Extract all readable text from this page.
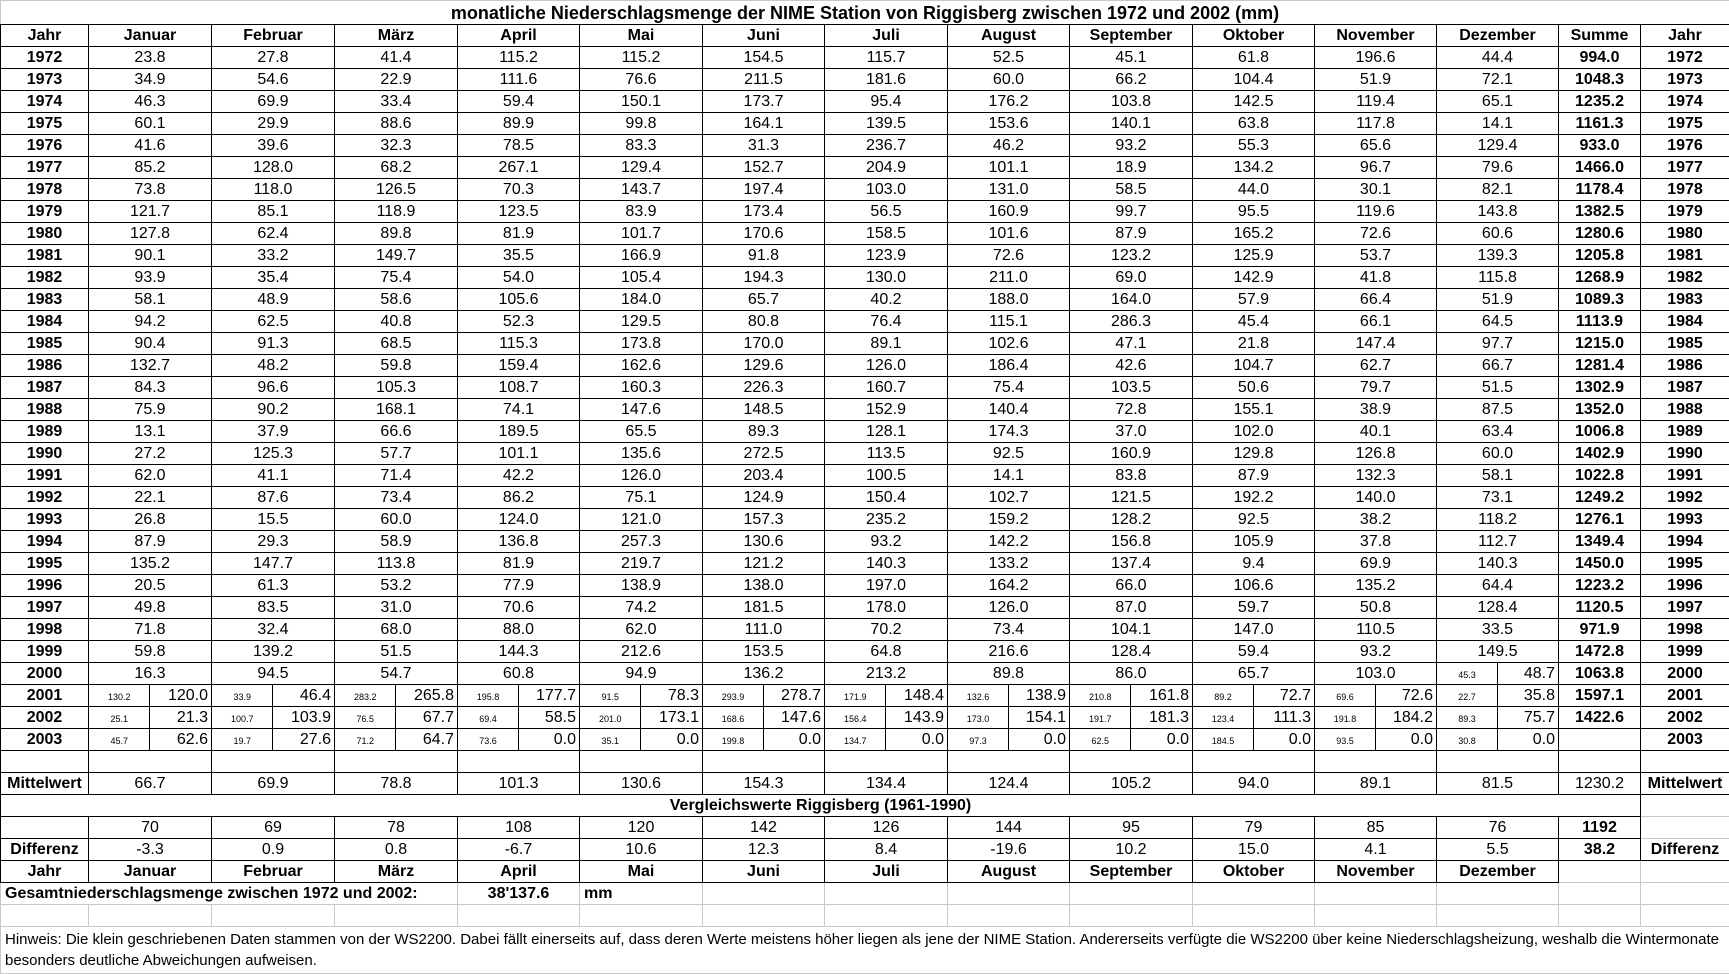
monatliche Niederschlagsmenge der NIME Station von Riggisberg zwischen 1972 und 2002 (mm)														
Jahr	Januar	Februar	März	April	Mai	Juni	Juli	August	September	Oktober	November	Dezember	Summe	Jahr
1972	23.8	27.8	41.4	115.2	115.2	154.5	115.7	52.5	45.1	61.8	196.6	44.4	994.0	1972
1973	34.9	54.6	22.9	111.6	76.6	211.5	181.6	60.0	66.2	104.4	51.9	72.1	1048.3	1973
1974	46.3	69.9	33.4	59.4	150.1	173.7	95.4	176.2	103.8	142.5	119.4	65.1	1235.2	1974
1975	60.1	29.9	88.6	89.9	99.8	164.1	139.5	153.6	140.1	63.8	117.8	14.1	1161.3	1975
1976	41.6	39.6	32.3	78.5	83.3	31.3	236.7	46.2	93.2	55.3	65.6	129.4	933.0	1976
1977	85.2	128.0	68.2	267.1	129.4	152.7	204.9	101.1	18.9	134.2	96.7	79.6	1466.0	1977
1978	73.8	118.0	126.5	70.3	143.7	197.4	103.0	131.0	58.5	44.0	30.1	82.1	1178.4	1978
1979	121.7	85.1	118.9	123.5	83.9	173.4	56.5	160.9	99.7	95.5	119.6	143.8	1382.5	1979
1980	127.8	62.4	89.8	81.9	101.7	170.6	158.5	101.6	87.9	165.2	72.6	60.6	1280.6	1980
1981	90.1	33.2	149.7	35.5	166.9	91.8	123.9	72.6	123.2	125.9	53.7	139.3	1205.8	1981
1982	93.9	35.4	75.4	54.0	105.4	194.3	130.0	211.0	69.0	142.9	41.8	115.8	1268.9	1982
1983	58.1	48.9	58.6	105.6	184.0	65.7	40.2	188.0	164.0	57.9	66.4	51.9	1089.3	1983
1984	94.2	62.5	40.8	52.3	129.5	80.8	76.4	115.1	286.3	45.4	66.1	64.5	1113.9	1984
1985	90.4	91.3	68.5	115.3	173.8	170.0	89.1	102.6	47.1	21.8	147.4	97.7	1215.0	1985
1986	132.7	48.2	59.8	159.4	162.6	129.6	126.0	186.4	42.6	104.7	62.7	66.7	1281.4	1986
1987	84.3	96.6	105.3	108.7	160.3	226.3	160.7	75.4	103.5	50.6	79.7	51.5	1302.9	1987
1988	75.9	90.2	168.1	74.1	147.6	148.5	152.9	140.4	72.8	155.1	38.9	87.5	1352.0	1988
1989	13.1	37.9	66.6	189.5	65.5	89.3	128.1	174.3	37.0	102.0	40.1	63.4	1006.8	1989
1990	27.2	125.3	57.7	101.1	135.6	272.5	113.5	92.5	160.9	129.8	126.8	60.0	1402.9	1990
1991	62.0	41.1	71.4	42.2	126.0	203.4	100.5	14.1	83.8	87.9	132.3	58.1	1022.8	1991
1992	22.1	87.6	73.4	86.2	75.1	124.9	150.4	102.7	121.5	192.2	140.0	73.1	1249.2	1992
1993	26.8	15.5	60.0	124.0	121.0	157.3	235.2	159.2	128.2	92.5	38.2	118.2	1276.1	1993
1994	87.9	29.3	58.9	136.8	257.3	130.6	93.2	142.2	156.8	105.9	37.8	112.7	1349.4	1994
1995	135.2	147.7	113.8	81.9	219.7	121.2	140.3	133.2	137.4	9.4	69.9	140.3	1450.0	1995
1996	20.5	61.3	53.2	77.9	138.9	138.0	197.0	164.2	66.0	106.6	135.2	64.4	1223.2	1996
1997	49.8	83.5	31.0	70.6	74.2	181.5	178.0	126.0	87.0	59.7	50.8	128.4	1120.5	1997
1998	71.8	32.4	68.0	88.0	62.0	111.0	70.2	73.4	104.1	147.0	110.5	33.5	971.9	1998
1999	59.8	139.2	51.5	144.3	212.6	153.5	64.8	216.6	128.4	59.4	93.2	149.5	1472.8	1999
2000	16.3	94.5	54.7	60.8	94.9	136.2	213.2	89.8	86.0	65.7	103.0	45.3 48.7	1063.8	2000
2001	130.2 120.0	33.9 46.4	283.2 265.8	195.8 177.7	91.5 78.3	293.9 278.7	171.9 148.4	132.6 138.9	210.8 161.8	89.2 72.7	69.6 72.6	22.7 35.8	1597.1	2001
2002	25.1 21.3	100.7 103.9	76.5 67.7	69.4 58.5	201.0 173.1	168.6 147.6	156.4 143.9	173.0 154.1	191.7 181.3	123.4 111.3	191.8 184.2	89.3 75.7	1422.6	2002
2003	45.7 62.6	19.7 27.6	71.2 64.7	73.6 0.0	35.1 0.0	199.8 0.0	134.7 0.0	97.3 0.0	62.5 0.0	184.5 0.0	93.5 0.0	30.8 0.0		2003

Mittelwert	66.7	69.9	78.8	101.3	130.6	154.3	134.4	124.4	105.2	94.0	89.1	81.5	1230.2	Mittelwert
Vergleichswerte Riggisberg (1961-1990)														
	70	69	78	108	120	142	126	144	95	79	85	76	1192	
Differenz	-3.3	0.9	0.8	-6.7	10.6	12.3	8.4	-19.6	10.2	15.0	4.1	5.5	38.2	Differenz
Jahr	Januar	Februar	März	April	Mai	Juni	Juli	August	September	Oktober	November	Dezember		
Gesamtniederschlagsmenge zwischen 1972 und 2002:				38'137.6	mm									

Hinweis: Die klein geschriebenen Daten stammen von der WS2200. Dabei fällt einerseits auf, dass deren Werte meistens höher liegen als jene der NIME Station. Andererseits verfügte die WS2200 über keine Niederschlagsheizung, weshalb die Wintermonate besonders deutliche Abweichungen aufweisen.														
